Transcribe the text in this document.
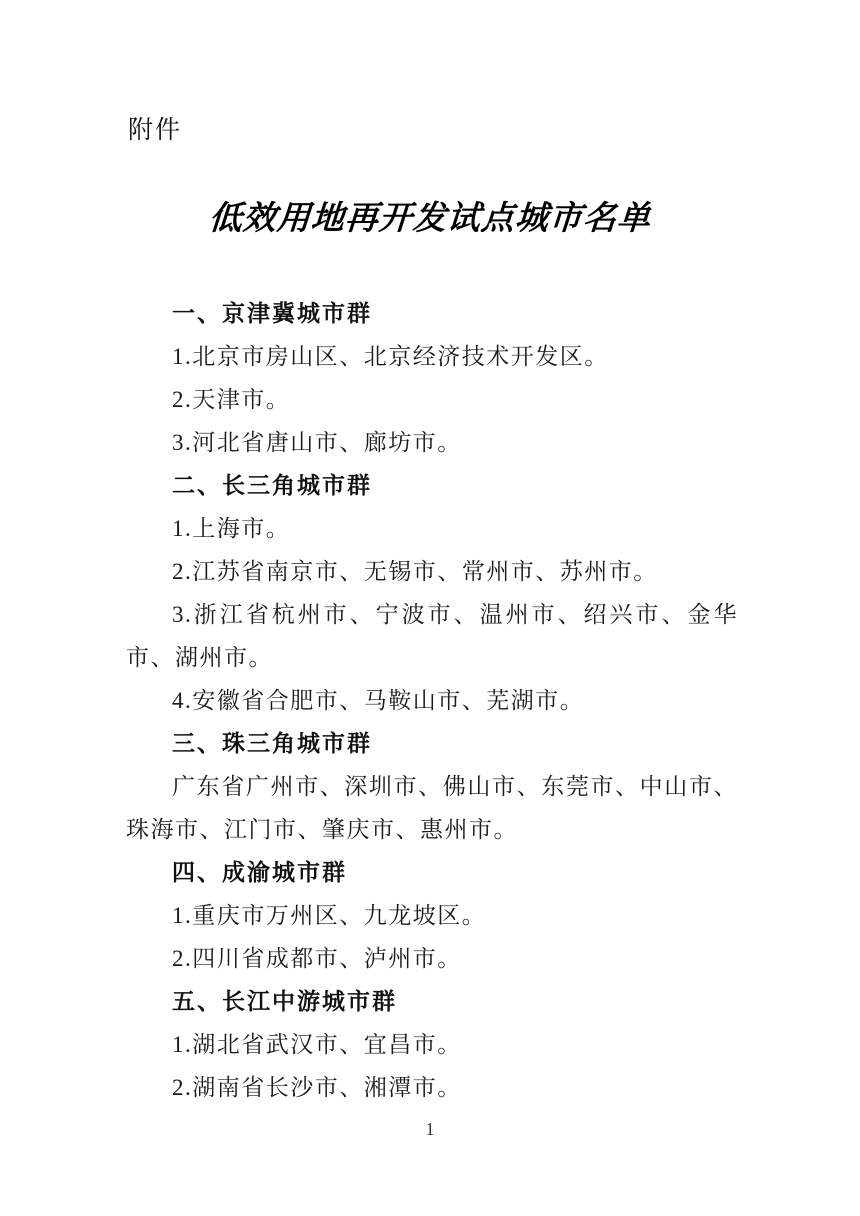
附件
低效用地再开发试点城市名单
一、京津冀城市群

1.北京市房山区、北京经济技术开发区。

2.天津市。

3.河北省唐山市、廊坊市。

二、长三角城市群

1.上海市。

2.江苏省南京市、无锡市、常州市、苏州市。

3.浙江省杭州市、宁波市、温州市、绍兴市、金华市、湖州市。

4.安徽省合肥市、马鞍山市、芜湖市。

三、珠三角城市群

广东省广州市、深圳市、佛山市、东莞市、中山市、珠海市、江门市、肇庆市、惠州市。

四、成渝城市群

1.重庆市万州区、九龙坡区。

2.四川省成都市、泸州市。

五、长江中游城市群

1.湖北省武汉市、宜昌市。

2.湖南省长沙市、湘潭市。

1
